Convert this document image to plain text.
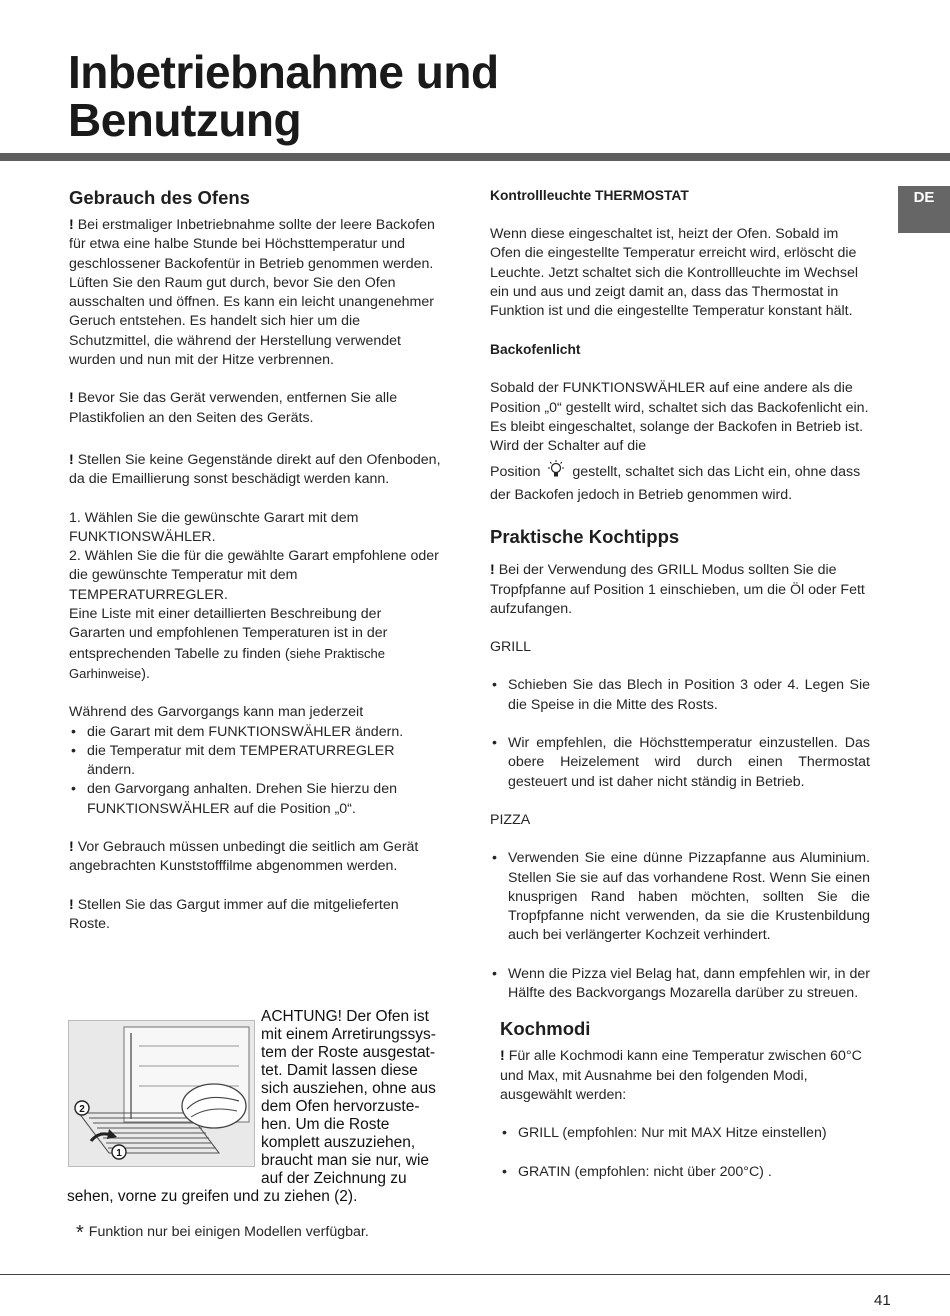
Inbetriebnahme und
Benutzung
DE
Gebrauch des Ofens

! Bei erstmaliger Inbetriebnahme sollte der leere Backofen für etwa eine halbe Stunde bei Höchsttemperatur und geschlossener Backofentür in Betrieb genommen werden. Lüften Sie den Raum gut durch, bevor Sie den Ofen ausschalten und öffnen. Es kann ein leicht unangenehmer Geruch entstehen. Es handelt sich hier um die Schutzmittel, die während der Herstellung verwendet wurden und nun mit der Hitze verbrennen.

! Bevor Sie das Gerät verwenden, entfernen Sie alle Plastikfolien an den Seiten des Geräts.

! Stellen Sie keine Gegenstände direkt auf den Ofenboden, da die Emaillierung sonst beschädigt werden kann.

1. Wählen Sie die gewünschte Garart mit dem FUNKTIONSWÄHLER.

2. Wählen Sie die für die gewählte Garart empfohlene oder die gewünschte Temperatur mit dem TEMPERATURREGLER.

Eine Liste mit einer detaillierten Beschreibung der Gararten und empfohlenen Temperaturen ist in der entsprechenden Tabelle zu finden (siehe Praktische Garhinweise).

Während des Garvorgangs kann man jederzeit

• die Garart mit dem FUNKTIONSWÄHLER ändern.
• die Temperatur mit dem TEMPERATURREGLER ändern.
• den Garvorgang anhalten. Drehen Sie hierzu den FUNKTIONSWÄHLER auf die Position „0“.

! Vor Gebrauch müssen unbedingt die seitlich am Gerät angebrachten Kunststofffilme abgenommen werden.

! Stellen Sie das Gargut immer auf die mitgelieferten Roste.

2
1
ACHTUNG! Der Ofen ist mit einem Arretirungssys-tem der Roste ausgestat-tet. Damit lassen diese sich ausziehen, ohne aus dem Ofen hervorzuste-hen. Um die Roste komplett auszuziehen, braucht man sie nur, wie auf der Zeichnung zu sehen, vorne zu greifen und zu ziehen (2).
* Funktion nur bei einigen Modellen verfügbar.
Kontrollleuchte THERMOSTAT

Wenn diese eingeschaltet ist, heizt der Ofen. Sobald im Ofen die eingestellte Temperatur erreicht wird, erlöscht die Leuchte. Jetzt schaltet sich die Kontrollleuchte im Wechsel ein und aus und zeigt damit an, dass das Thermostat in Funktion ist und die eingestellte Temperatur konstant hält.

Backofenlicht

Sobald der FUNKTIONSWÄHLER auf eine andere als die Position „0“ gestellt wird, schaltet sich das Backofenlicht ein. Es bleibt eingeschaltet, solange der Backofen in Betrieb ist. Wird der Schalter auf die
Position gestellt, schaltet sich das Licht ein, ohne dass der Backofen jedoch in Betrieb genommen wird.

Praktische Kochtipps

! Bei der Verwendung des GRILL Modus sollten Sie die Tropfpfanne auf Position 1 einschieben, um die Öl oder Fett aufzufangen.

GRILL

• Schieben Sie das Blech in Position 3 oder 4. Legen Sie die Speise in die Mitte des Rosts.
• Wir empfehlen, die Höchsttemperatur einzustellen. Das obere Heizelement wird durch einen Thermostat gesteuert und ist daher nicht ständig in Betrieb.

PIZZA

• Verwenden Sie eine dünne Pizzapfanne aus Aluminium. Stellen Sie sie auf das vorhandene Rost. Wenn Sie einen knusprigen Rand haben möchten, sollten Sie die Tropfpfanne nicht verwenden, da sie die Krustenbildung auch bei verlängerter Kochzeit verhindert.
• Wenn die Pizza viel Belag hat, dann empfehlen wir, in der Hälfte des Backvorgangs Mozarella darüber zu streuen.
Kochmodi

! Für alle Kochmodi kann eine Temperatur zwischen 60°C und Max, mit Ausnahme bei den folgenden Modi, ausgewählt werden:

• GRILL (empfohlen: Nur mit MAX Hitze einstellen)
• GRATIN (empfohlen: nicht über 200°C) .
41
